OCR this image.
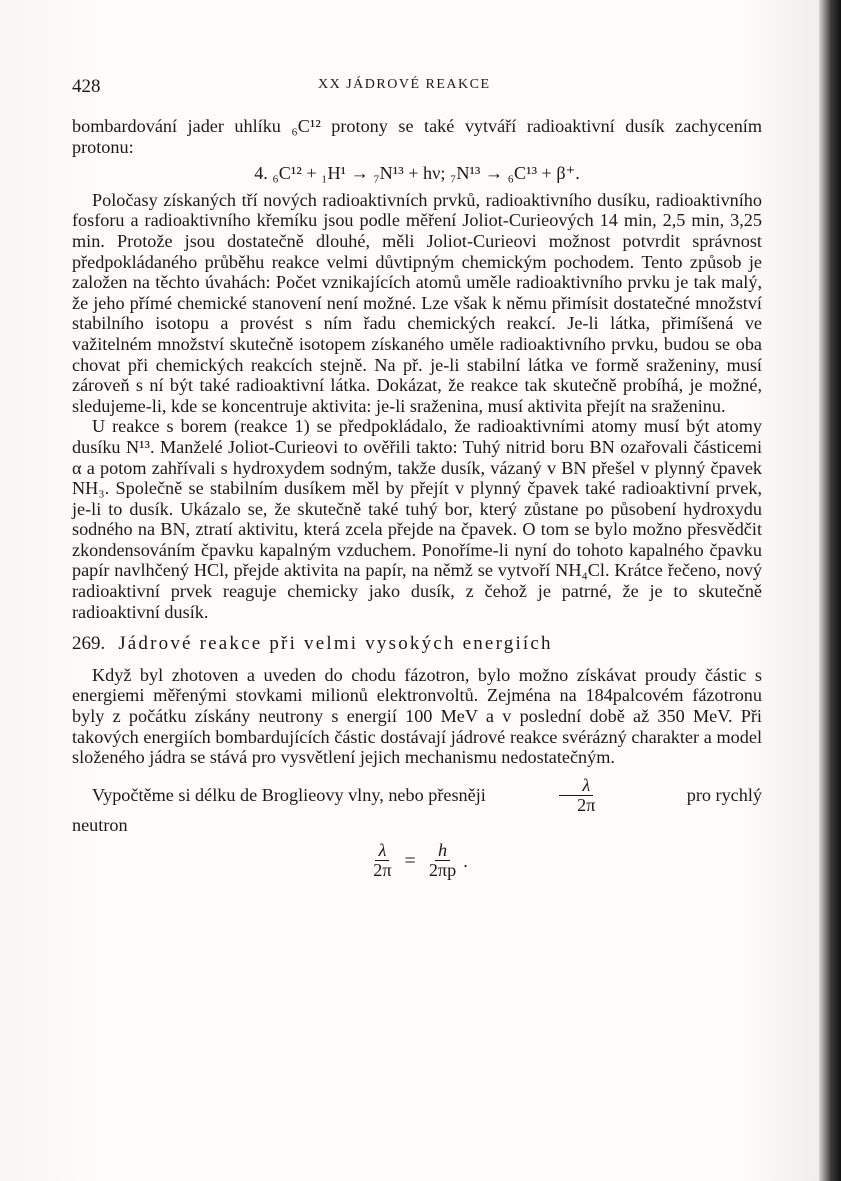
428	XX JÁDROVÉ REAKCE

bombardování jader uhlíku ₆C¹² protony se také vytváří radioaktivní dusík zachycením protonu:

4. ₆C¹² + ₁H¹ → ₇N¹³ + hν; ₇N¹³ → ₆C¹³ + β⁺.

Poločasy získaných tří nových radioaktivních prvků, radioaktivního dusíku, radioaktivního fosforu a radioaktivního křemíku jsou podle měření Joliot-Curieových 14 min, 2,5 min, 3,25 min. Protože jsou dostatečně dlouhé, měli Joliot-Curieovi možnost potvrdit správnost předpokládaného průběhu reakce velmi důvtipným chemickým pochodem. Tento způsob je založen na těchto úvahách: Počet vznikajících atomů uměle radioaktivního prvku je tak malý, že jeho přímé chemické stanovení není možné. Lze však k němu přimísit dostatečné množství stabilního isotopu a provést s ním řadu chemických reakcí. Je-li látka, přimíšená ve važitelném množství skutečně isotopem získaného uměle radioaktivního prvku, budou se oba chovat při chemických reakcích stejně. Na př. je-li stabilní látka ve formě sraženiny, musí zároveň s ní být také radioaktivní látka. Dokázat, že reakce tak skutečně probíhá, je možné, sledujeme-li, kde se koncentruje aktivita: je-li sraženina, musí aktivita přejít na sraženinu.

U reakce s borem (reakce 1) se předpokládalo, že radioaktivními atomy musí být atomy dusíku N¹³. Manželé Joliot-Curieovi to ověřili takto: Tuhý nitrid boru BN ozařovali částicemi α a potom zahřívali s hydroxydem sodným, takže dusík, vázaný v BN přešel v plynný čpavek NH₃. Společně se stabilním dusíkem měl by přejít v plynný čpavek také radioaktivní prvek, je-li to dusík. Ukázalo se, že skutečně také tuhý bor, který zůstane po působení hydroxydu sodného na BN, ztratí aktivitu, která zcela přejde na čpavek. O tom se bylo možno přesvědčit zkondensováním čpavku kapalným vzduchem. Ponoříme-li nyní do tohoto kapalného čpavku papír navlhčený HCl, přejde aktivita na papír, na němž se vytvoří NH₄Cl. Krátce řečeno, nový radioaktivní prvek reaguje chemicky jako dusík, z čehož je patrné, že je to skutečně radioaktivní dusík.

269. Jádrové reakce při velmi vysokých energiích

Když byl zhotoven a uveden do chodu fázotron, bylo možno získávat proudy částic s energiemi měřenými stovkami milionů elektronvoltů. Zejména na 184palcovém fázotronu byly z počátku získány neutrony s energií 100 MeV a v poslední době až 350 MeV. Při takových energiích bombardujících částic dostávají jádrové reakce svérázný charakter a model složeného jádra se stává pro vysvětlení jejich mechanismu nedostatečným.

Vypočtěme si délku de Broglieovy vlny, nebo přesněji	$\frac{\lambda}{2\pi}$	pro rychlý

neutron

$\frac{\lambda}{2\pi} = \frac{h}{2\pi p}$ .
